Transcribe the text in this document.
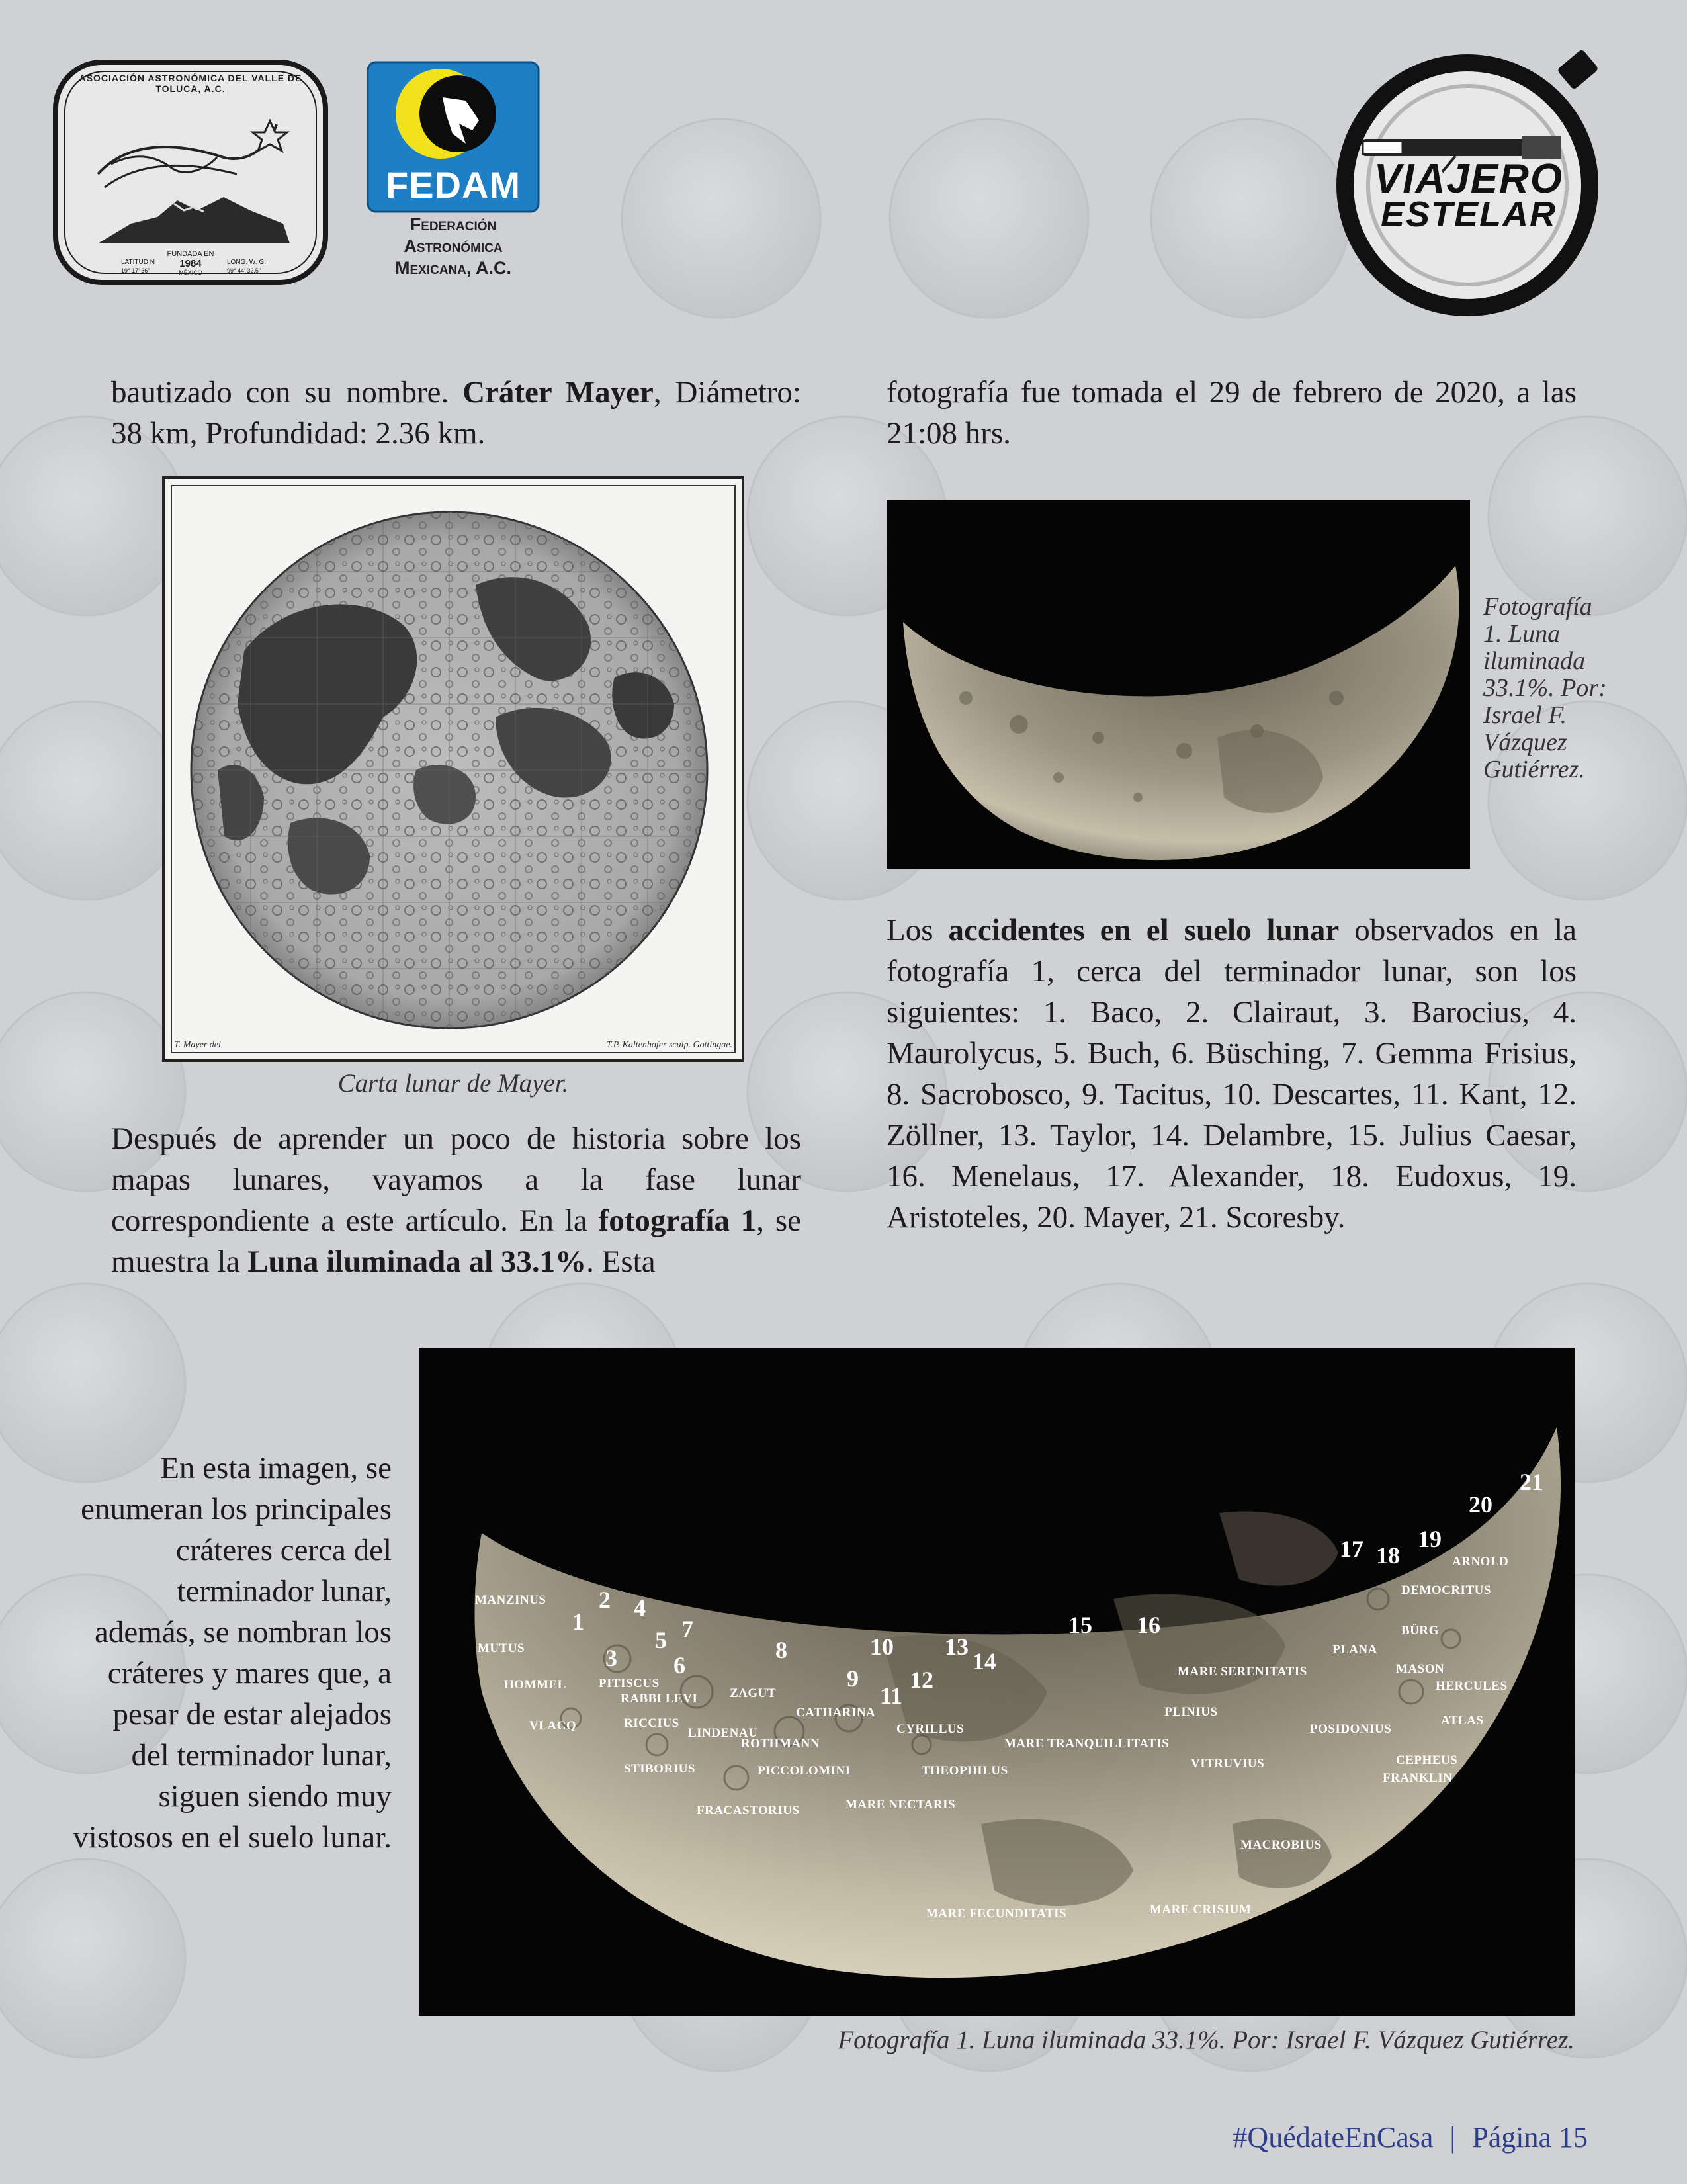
ASOCIACIÓN ASTRONÓMICA DEL VALLE DE TOLUCA, A.C.
FUNDADA EN
1984
MÉXICO
LATITUD N
19° 17' 36"
LONG. W. G.
99° 44' 32.5"
FEDAM
Federación
Astronómica
Mexicana, A.C.
VIAJERO
ESTELAR

bautizado con su nombre. Cráter Mayer, Diámetro: 38 km, Profundidad: 2.36 km.

fotografía fue tomada el 29 de febrero de 2020, a las 21:08 hrs.

T. Mayer del.	T.P. Kaltenhofer sculp. Gottingae.
Carta lunar de Mayer.

Después de aprender un poco de historia sobre los mapas lunares, vayamos a la fase lunar correspondiente a este artículo. En la fotografía 1, se muestra la Luna iluminada al 33.1%. Esta

Fotografía 1. Luna iluminada 33.1%. Por: Israel F. Vázquez Gutiérrez.

Los accidentes en el suelo lunar observados en la fotografía 1, cerca del terminador lunar, son los siguientes: 1. Baco, 2. Clairaut, 3. Barocius, 4. Maurolycus, 5. Buch, 6. Büsching, 7. Gemma Frisius, 8. Sacrobosco, 9. Tacitus, 10. Descartes, 11. Kant, 12. Zöllner, 13. Taylor, 14. Delambre, 15. Julius Caesar, 16. Menelaus, 17. Alexander, 18. Eudoxus, 19. Aristoteles, 20. Mayer, 21. Scoresby.

En esta imagen, se enumeran los principales cráteres cerca del terminador lunar, además, se nombran los cráteres y mares que, a pesar de estar alejados del terminador lunar, siguen siendo muy vistosos en el suelo lunar.

MANZINUS
MUTUS
HOMMEL
VLACQ
PITISCUS
RABBI LEVI
RICCIUS
LINDENAU
STIBORIUS
ZAGUT
ROTHMANN
CATHARINA
PICCOLOMINI
FRACASTORIUS
CYRILLUS
THEOPHILUS
MARE NECTARIS
MARE TRANQUILLITATIS
MARE SERENITATIS
PLINIUS
VITRUVIUS
PLANA
DEMOCRITUS
ARNOLD
BÜRG
MASON
HERCULES
ATLAS
POSIDONIUS
CEPHEUS
FRANKLIN
MACROBIUS
MARE FECUNDITATIS	MARE CRISIUM
1
2
3
4
5
6
7
8
9
10
11
12
13
14
15 16
17 18
19
20
21
Fotografía 1. Luna iluminada 33.1%. Por: Israel F. Vázquez Gutiérrez.
#QuédateEnCasa | Página 15
